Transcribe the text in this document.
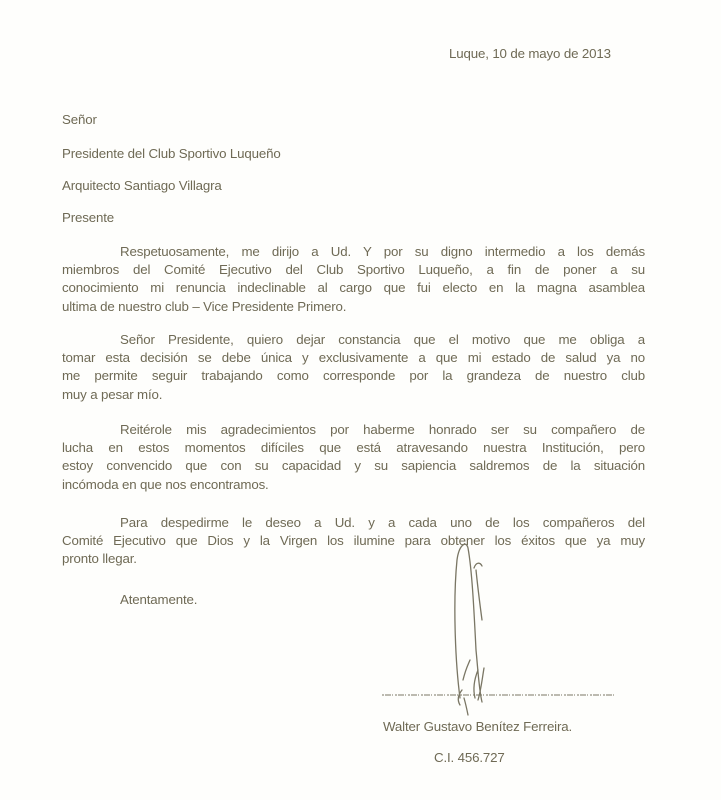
Luque, 10 de mayo de 2013
Señor
Presidente del Club Sportivo Luqueño
Arquitecto Santiago Villagra
Presente
Respetuosamente, me dirijo a Ud. Y por su digno intermedio a los demás
miembros del Comité Ejecutivo del Club Sportivo Luqueño, a fin de poner a su
conocimiento mi renuncia indeclinable al cargo que fui electo en la magna asamblea
ultima de nuestro club – Vice Presidente Primero.
Señor Presidente, quiero dejar constancia que el motivo que me obliga a
tomar esta decisión se debe única y exclusivamente a que mi estado de salud ya no
me permite seguir trabajando como corresponde por la grandeza de nuestro club
muy a pesar mío.
Reitérole mis agradecimientos por haberme honrado ser su compañero de
lucha en estos momentos difíciles que está atravesando nuestra Institución, pero
estoy convencido que con su capacidad y su sapiencia saldremos de la situación
incómoda en que nos encontramos.
Para despedirme le deseo a Ud. y a cada uno de los compañeros del
Comité Ejecutivo que Dios y la Virgen los ilumine para obtener los éxitos que ya muy
pronto llegar.
Atentamente.
Walter Gustavo Benítez Ferreira.
C.I. 456.727
